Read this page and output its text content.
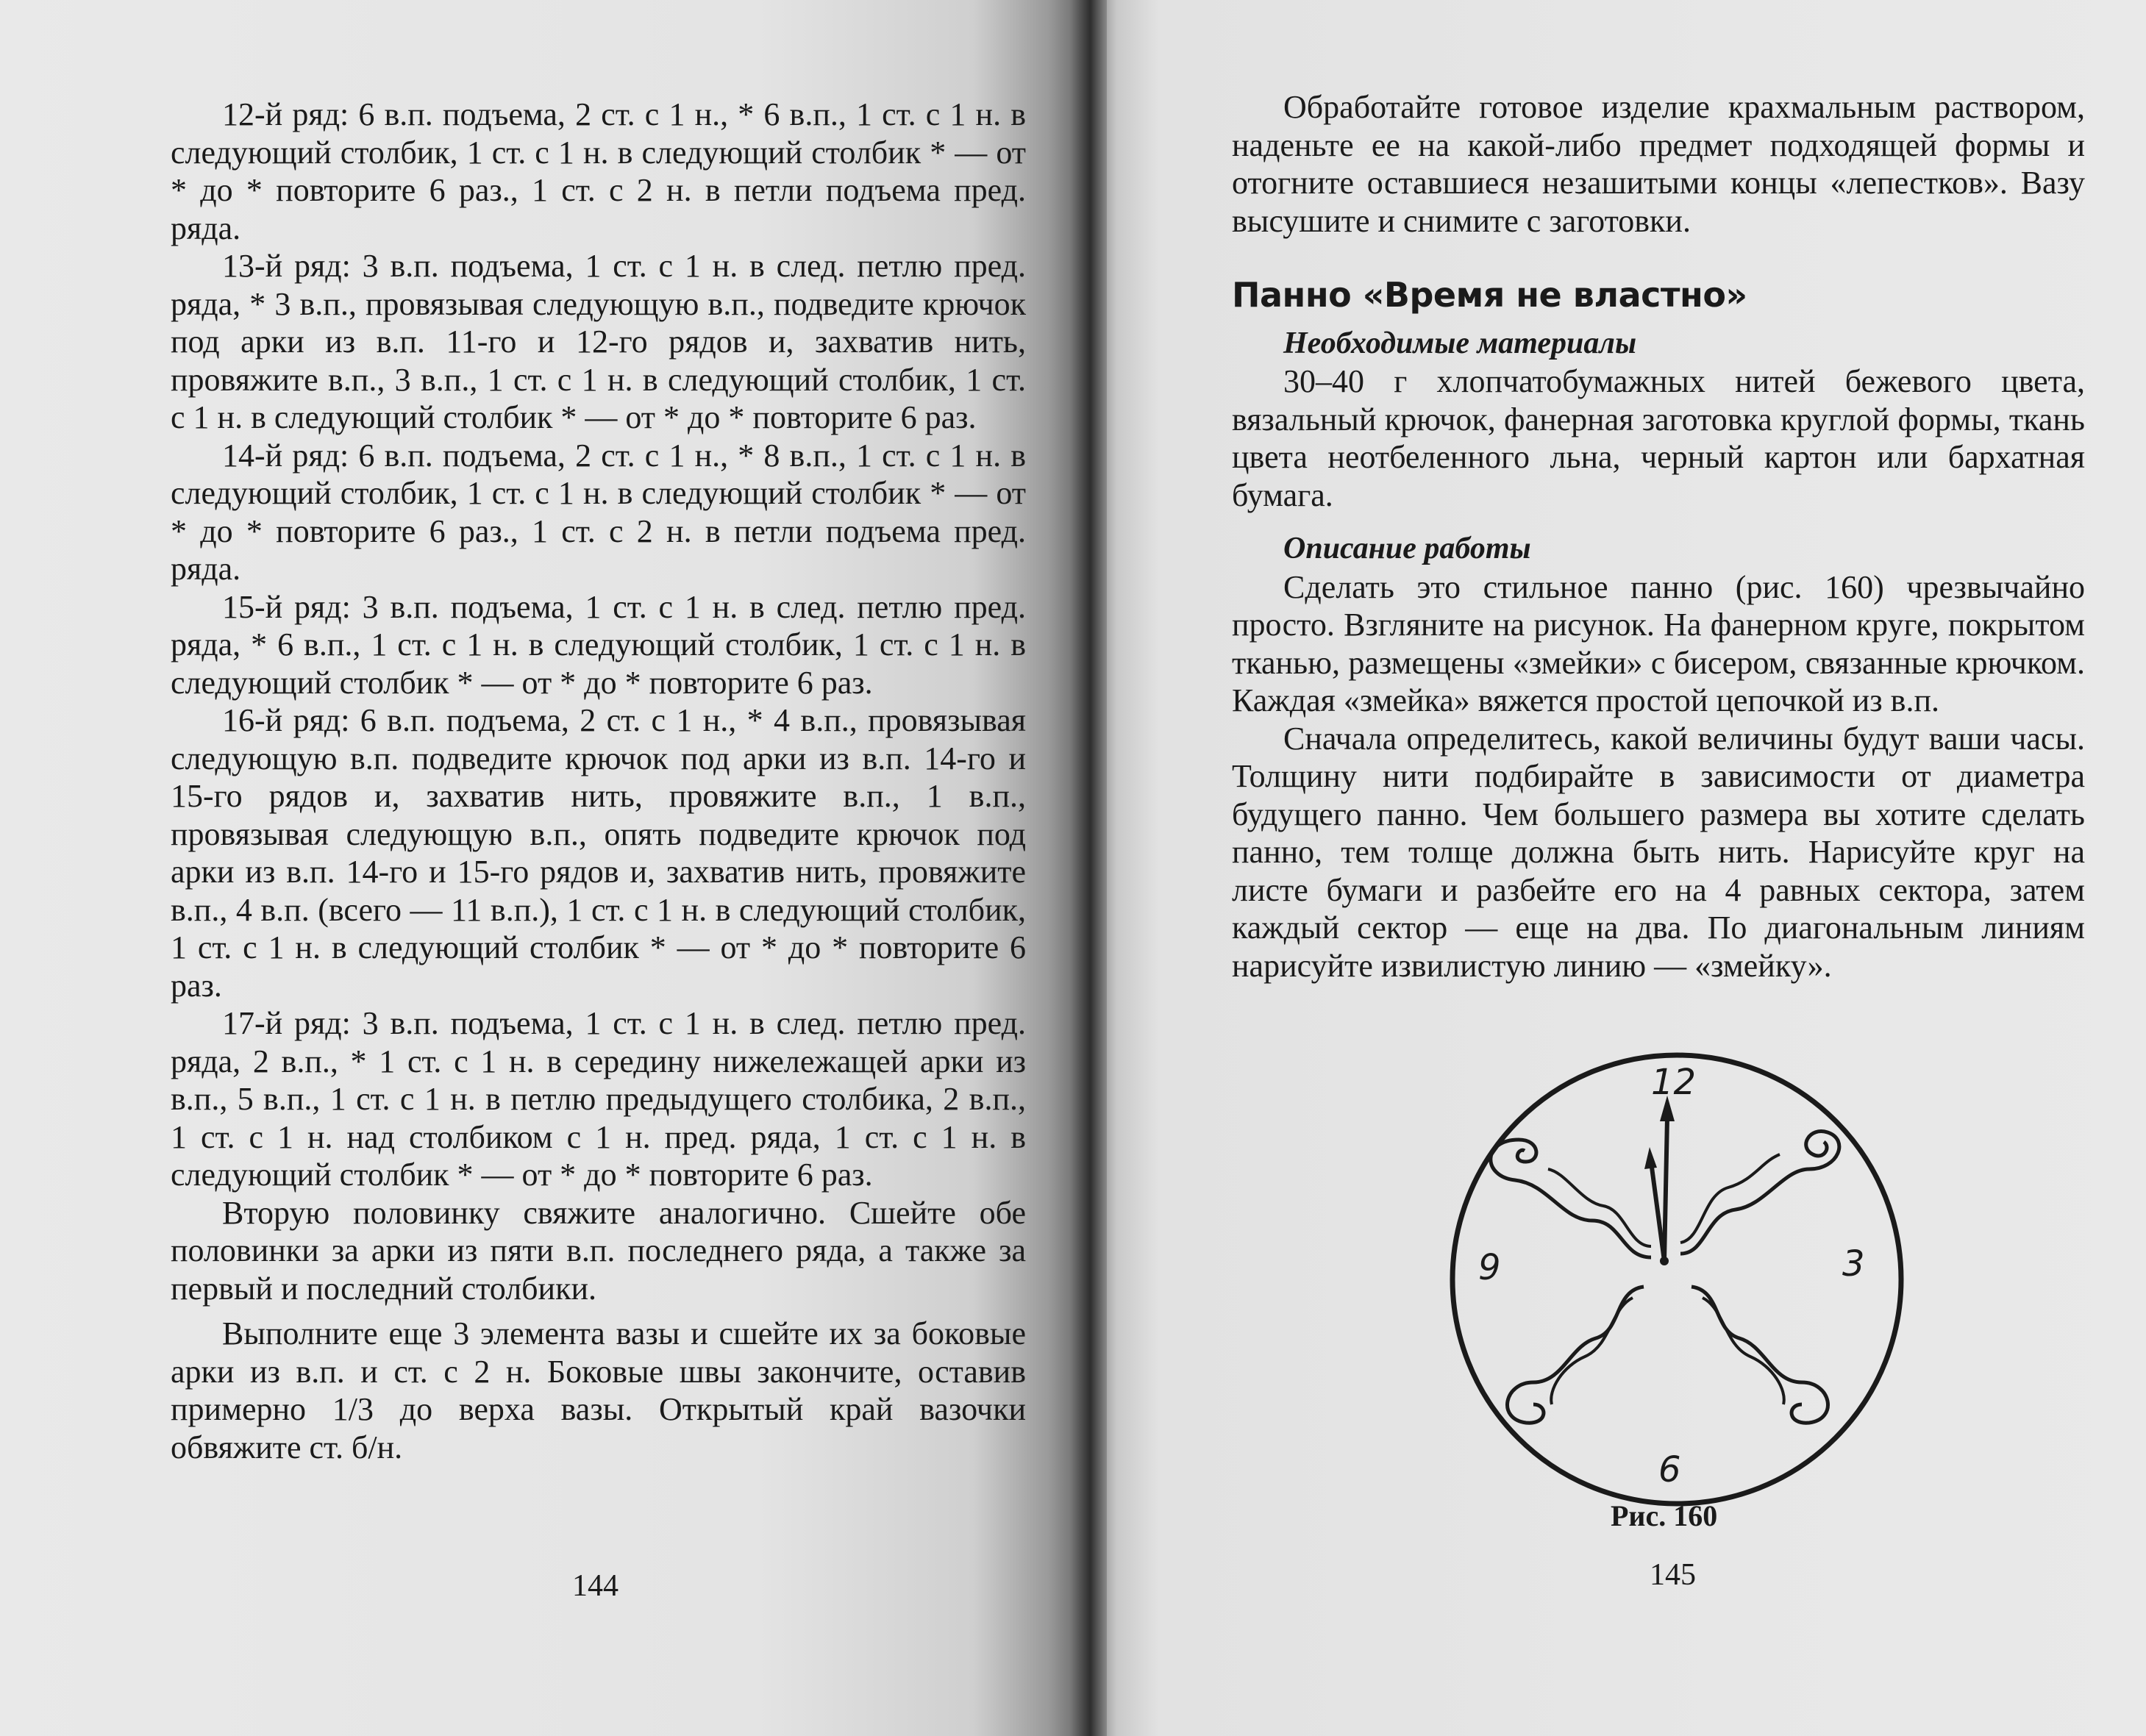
12-й ряд: 6 в.п. подъема, 2 ст. с 1 н., * 6 в.п., 1 ст. с 1 н. в следующий столбик, 1 ст. с 1 н. в следующий столбик * — от * до * повторите 6 раз., 1 ст. с 2 н. в петли подъема пред. ряда.

13-й ряд: 3 в.п. подъема, 1 ст. с 1 н. в след. петлю пред. ряда, * 3 в.п., провязывая следующую в.п., подведите крючок под арки из в.п. 11-го и 12-го рядов и, захватив нить, провяжите в.п., 3 в.п., 1 ст. с 1 н. в следующий столбик, 1 ст. с 1 н. в следующий столбик * — от * до * повторите 6 раз.

14-й ряд: 6 в.п. подъема, 2 ст. с 1 н., * 8 в.п., 1 ст. с 1 н. в следующий столбик, 1 ст. с 1 н. в следующий столбик * — от * до * повторите 6 раз., 1 ст. с 2 н. в петли подъема пред. ряда.

15-й ряд: 3 в.п. подъема, 1 ст. с 1 н. в след. петлю пред. ряда, * 6 в.п., 1 ст. с 1 н. в следующий столбик, 1 ст. с 1 н. в следующий столбик * — от * до * повторите 6 раз.

16-й ряд: 6 в.п. подъема, 2 ст. с 1 н., * 4 в.п., провязывая следующую в.п. подведите крючок под арки из в.п. 14-го и 15-го рядов и, захватив нить, провяжите в.п., 1 в.п., провязывая следующую в.п., опять подведите крючок под арки из в.п. 14-го и 15-го рядов и, захватив нить, провяжите в.п., 4 в.п. (всего — 11 в.п.), 1 ст. с 1 н. в следующий столбик, 1 ст. с 1 н. в следующий столбик * — от * до * повторите 6 раз.

17-й ряд: 3 в.п. подъема, 1 ст. с 1 н. в след. петлю пред. ряда, 2 в.п., * 1 ст. с 1 н. в середину нижележащей арки из в.п., 5 в.п., 1 ст. с 1 н. в петлю предыдущего столбика, 2 в.п., 1 ст. с 1 н. над столбиком с 1 н. пред. ряда, 1 ст. с 1 н. в следующий столбик * — от * до * повторите 6 раз.

Вторую половинку свяжите аналогично. Сшейте обе половинки за арки из пяти в.п. последнего ряда, а также за первый и последний столбики.

Выполните еще 3 элемента вазы и сшейте их за боковые арки из в.п. и ст. с 2 н. Боковые швы закончите, оставив примерно 1/3 до верха вазы. Открытый край вазочки обвяжите ст. б/н.

144

Обработайте готовое изделие крахмальным раствором, наденьте ее на какой-либо предмет подходящей формы и отогните оставшиеся незашитыми концы «лепестков». Вазу высушите и снимите с заготовки.

Панно «Время не властно»
Необходимые материалы

30–40 г хлопчатобумажных нитей бежевого цвета, вязальный крючок, фанерная заготовка круглой формы, ткань цвета неотбеленного льна, черный картон или бархатная бумага.

Описание работы

Сделать это стильное панно (рис. 160) чрезвычайно просто. Взгляните на рисунок. На фанерном круге, покрытом тканью, размещены «змейки» с бисером, связанные крючком. Каждая «змейка» вяжется простой цепочкой из в.п.

Сначала определитесь, какой величины будут ваши часы. Толщину нити подбирайте в зависимости от диаметра будущего панно. Чем большего размера вы хотите сделать панно, тем толще должна быть нить. Нарисуйте круг на листе бумаги и разбейте его на 4 равных сектора, затем каждый сектор — еще на два. По диагональным линиям нарисуйте извилистую линию — «змейку».

12
3
6
9
Рис. 160
145
